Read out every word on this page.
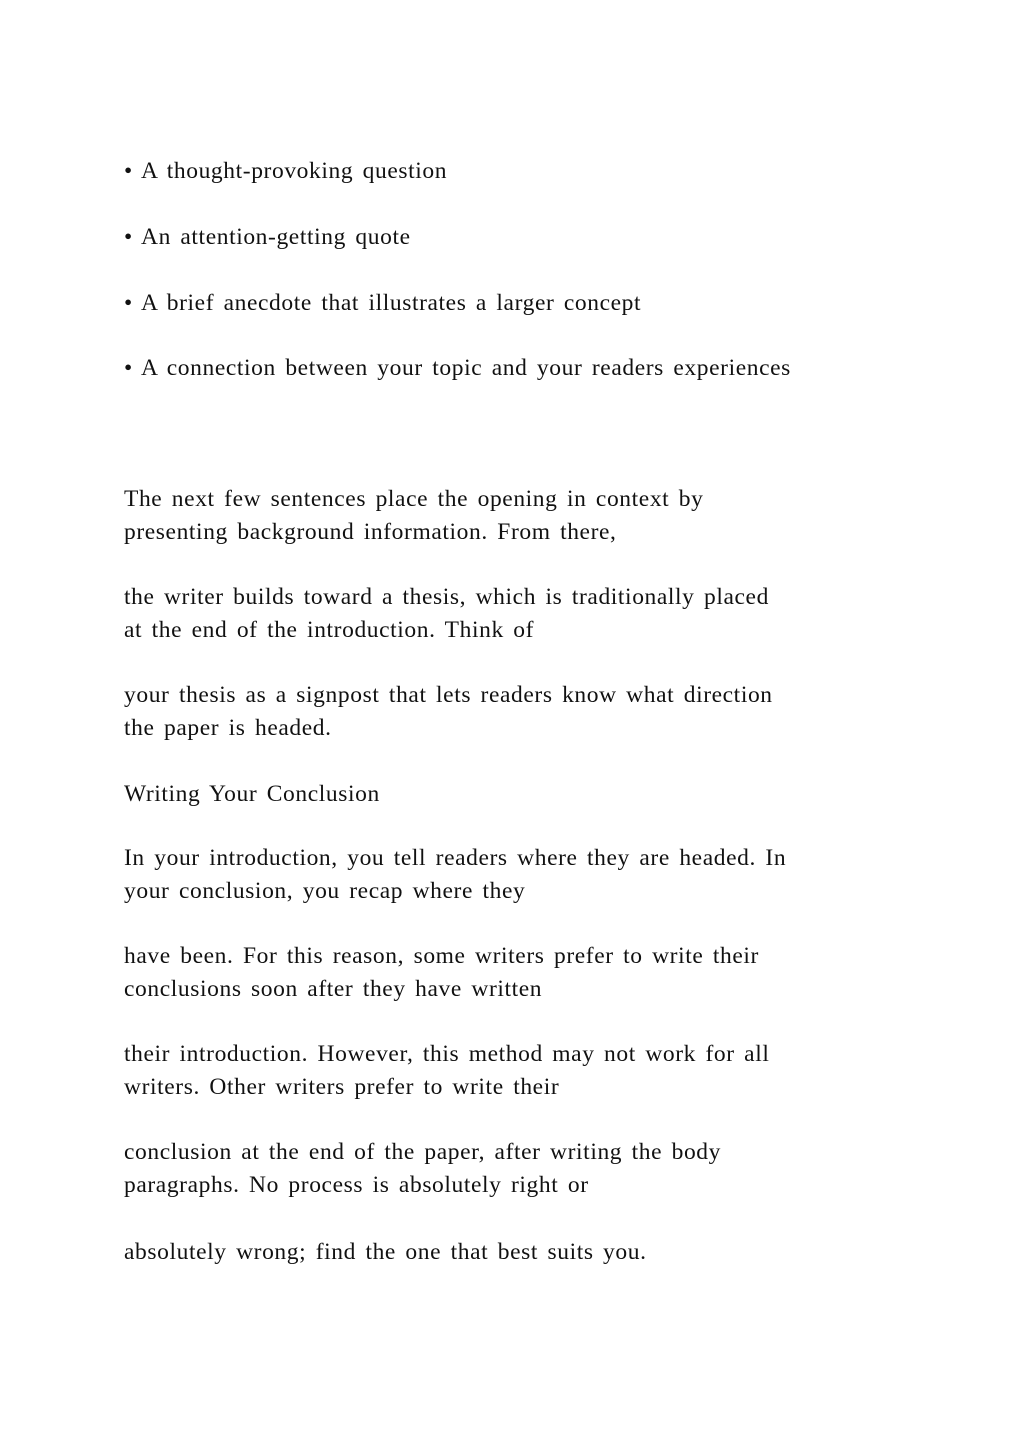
• A thought-provoking question
• An attention-getting quote
• A brief anecdote that illustrates a larger concept
• A connection between your topic and your readers experiences
The next few sentences place the opening in context by
presenting background information. From there,
the writer builds toward a thesis, which is traditionally placed
at the end of the introduction. Think of
your thesis as a signpost that lets readers know what direction
the paper is headed.
Writing Your Conclusion
In your introduction, you tell readers where they are headed. In
your conclusion, you recap where they
have been. For this reason, some writers prefer to write their
conclusions soon after they have written
their introduction. However, this method may not work for all
writers. Other writers prefer to write their
conclusion at the end of the paper, after writing the body
paragraphs. No process is absolutely right or
absolutely wrong; find the one that best suits you.
